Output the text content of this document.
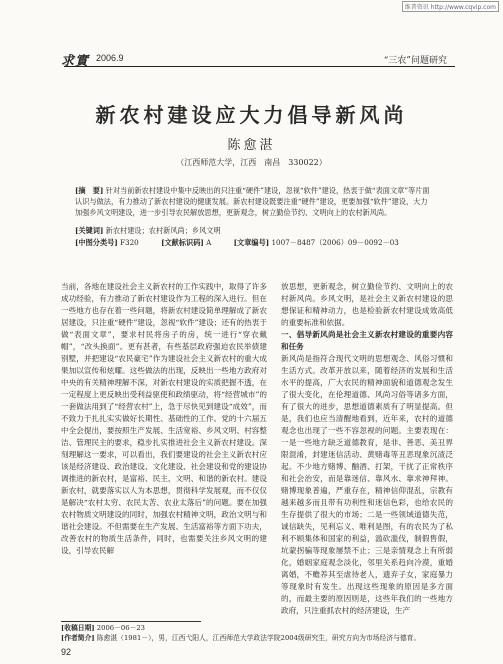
维普资讯 http://www.cqvip.com
求實 2006.9	“三农”问题研究
新农村建设应大力倡导新风尚
陈愈湛
（江西师范大学，江西　南昌　330022）
[摘　要] 针对当前新农村建设中集中反映出的只注重“硬件”建设，忽视“软件”建设，热衷于做“表面文章”等片面认识与做法，有力推动了新农村建设的健康发展。新农村建设既要注重“硬件”建设，更要加强“软件”建设，大力加强乡风文明建设，进一步引导农民解放思想，更新观念，树立勤俭节约、文明向上的农村新风尚。
[关键词] 新农村建设；农村新风尚；乡风文明
[中图分类号] F320	[文献标识码] A	[文章编号] 1007－8487（2006）09－0092－03
当前，各地在建设社会主义新农村的工作实践中，取得了许多成功经验，有力推动了新农村建设作为工程的深入进行。但在一些地方也存在着一些问题，将新农村建设简单理解成了新农居建设，只注重“硬件”建设，忽视“软件”建设；还有的热衷于做“表面文章”，要求村民将房子的房，统一进行“穿衣戴帽”，“改头换面”。更有甚者，有些基层政府强迫农民举债建别墅，并把建设“农民豪宅”作为建设社会主义新农村的重大成果加以宣传和炫耀。这些做法的出现，反映出一些地方政府对中央的有关精神理解不深，对新农村建设的实质把握不透，在一定程度上更反映出受利益驱使和政绩驱动，将“经营城市”的一套做法用到了“经营农村”上，急于尽快见到建设“成效”，而不致力于扎扎实实做好长期性、基础性的工作。党的十六届五中全会提出，要按照生产发展、生活宽裕、乡风文明、村容整洁、管理民主的要求，稳步扎实推进社会主义新农村建设。深刻理解这一要求，可以看出，我们要建设的社会主义新农村应该是经济建设、政治建设、文化建设、社会建设和党的建设协调推进的新农村，是富裕、民主、文明、和谐的新农村。建设新农村，就要落实以人为本思想，贯彻科学发展观，而不仅仅是解决“农村太穷、农民太苦、农业太落后”的问题。要在加强农村物质文明建设的同时，加强农村精神文明，政治文明与和谐社会建设。不但需要在生产发展、生活富裕等方面下功夫，改善农村的物质生活条件，同时，也需要关注乡风文明的建设，引导农民解
放思想，更新观念，树立勤俭节约、文明向上的农村新风尚。乡风文明，是社会主义新农村建设的思想保证和精神动力，也是检验新农村建设成效高低的重要标准和依据。
一、倡导新风尚是社会主义新农村建设的重要内容和任务
新风尚是指符合现代文明的思想观念、风俗习惯和生活方式。改革开放以来，随着经济的发展和生活水平的提高，广大农民的精神面貌和道德观念发生了很大变化，在伦理道德、风尚习俗等诸多方面，有了很大的进步，思想道德素质有了明显提高。但是，我们也应当清醒地看到，近年来，农村的道德观念也出现了一些不容忽视的问题。主要表现在：一是一些地方缺乏道德教育，是非、善恶、美丑界限混淆，封建迷信活动、黄赌毒等丑恶现象沉渣泛起。不少地方赌博、酗酒、打架，干扰了正常秩序和社会治安，而是靠迷信、靠风水、靠求神拜神。赌博现象普遍，严重存在，精神信仰混乱，宗教有越来越多而且带有功利性和迷信色彩，也给农民的生存提供了很大的市场；二是一些领域道德失范，诚信缺失，见利忘义、唯利是图，有的农民为了私利不顾集体和国家的利益，滥砍滥伐，制假售假，坑蒙拐骗等现象屡禁不止；三是亲情观念上有所弱化，婚姻家庭观念淡化，邻里关系趋向冷漠，重婚离婚，不赡养其至虐待老人，遗弃子女，家庭暴力等现象时有发生。出现这些现象的原因是多方面的，而最主要的原因则是，这些年我们的一些地方政府，只注重抓农村的经济建设，生产
[收稿日期] 2006－06－23
[作者简介] 陈愈湛（1981－），男，江西弋阳人，江西师范大学政法学院2004级研究生，研究方向为市场经济与德育。
92
